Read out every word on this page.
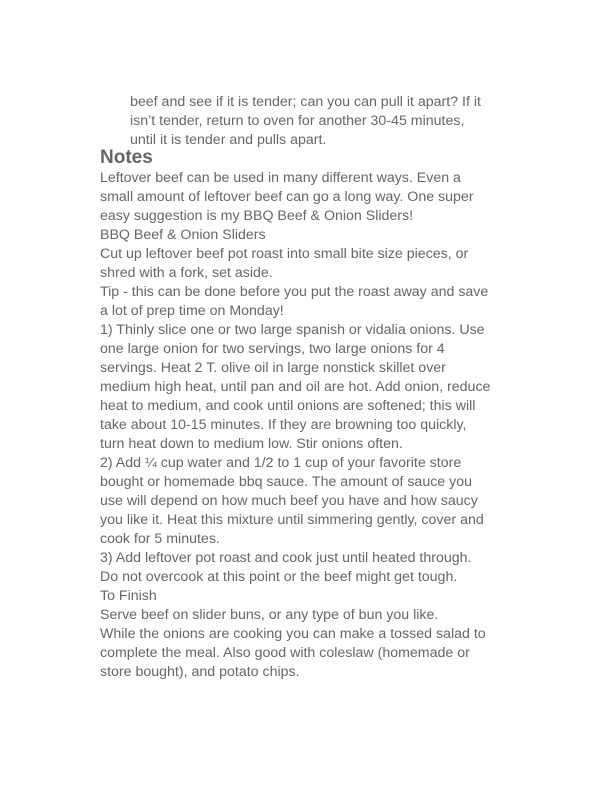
beef and see if it is tender; can you can pull it apart? If it
isn’t tender, return to oven for another 30-45 minutes,
until it is tender and pulls apart.
Notes
Leftover beef can be used in many different ways. Even a
small amount of leftover beef can go a long way. One super
easy suggestion is my BBQ Beef & Onion Sliders!
BBQ Beef & Onion Sliders
Cut up leftover beef pot roast into small bite size pieces, or
shred with a fork, set aside.
Tip - this can be done before you put the roast away and save
a lot of prep time on Monday!
1) Thinly slice one or two large spanish or vidalia onions. Use
one large onion for two servings, two large onions for 4
servings. Heat 2 T. olive oil in large nonstick skillet over
medium high heat, until pan and oil are hot. Add onion, reduce
heat to medium, and cook until onions are softened; this will
take about 10-15 minutes. If they are browning too quickly,
turn heat down to medium low. Stir onions often.
2) Add ¼ cup water and 1/2 to 1 cup of your favorite store
bought or homemade bbq sauce. The amount of sauce you
use will depend on how much beef you have and how saucy
you like it. Heat this mixture until simmering gently, cover and
cook for 5 minutes.
3) Add leftover pot roast and cook just until heated through.
Do not overcook at this point or the beef might get tough.
To Finish
Serve beef on slider buns, or any type of bun you like.
While the onions are cooking you can make a tossed salad to
complete the meal. Also good with coleslaw (homemade or
store bought), and potato chips.
